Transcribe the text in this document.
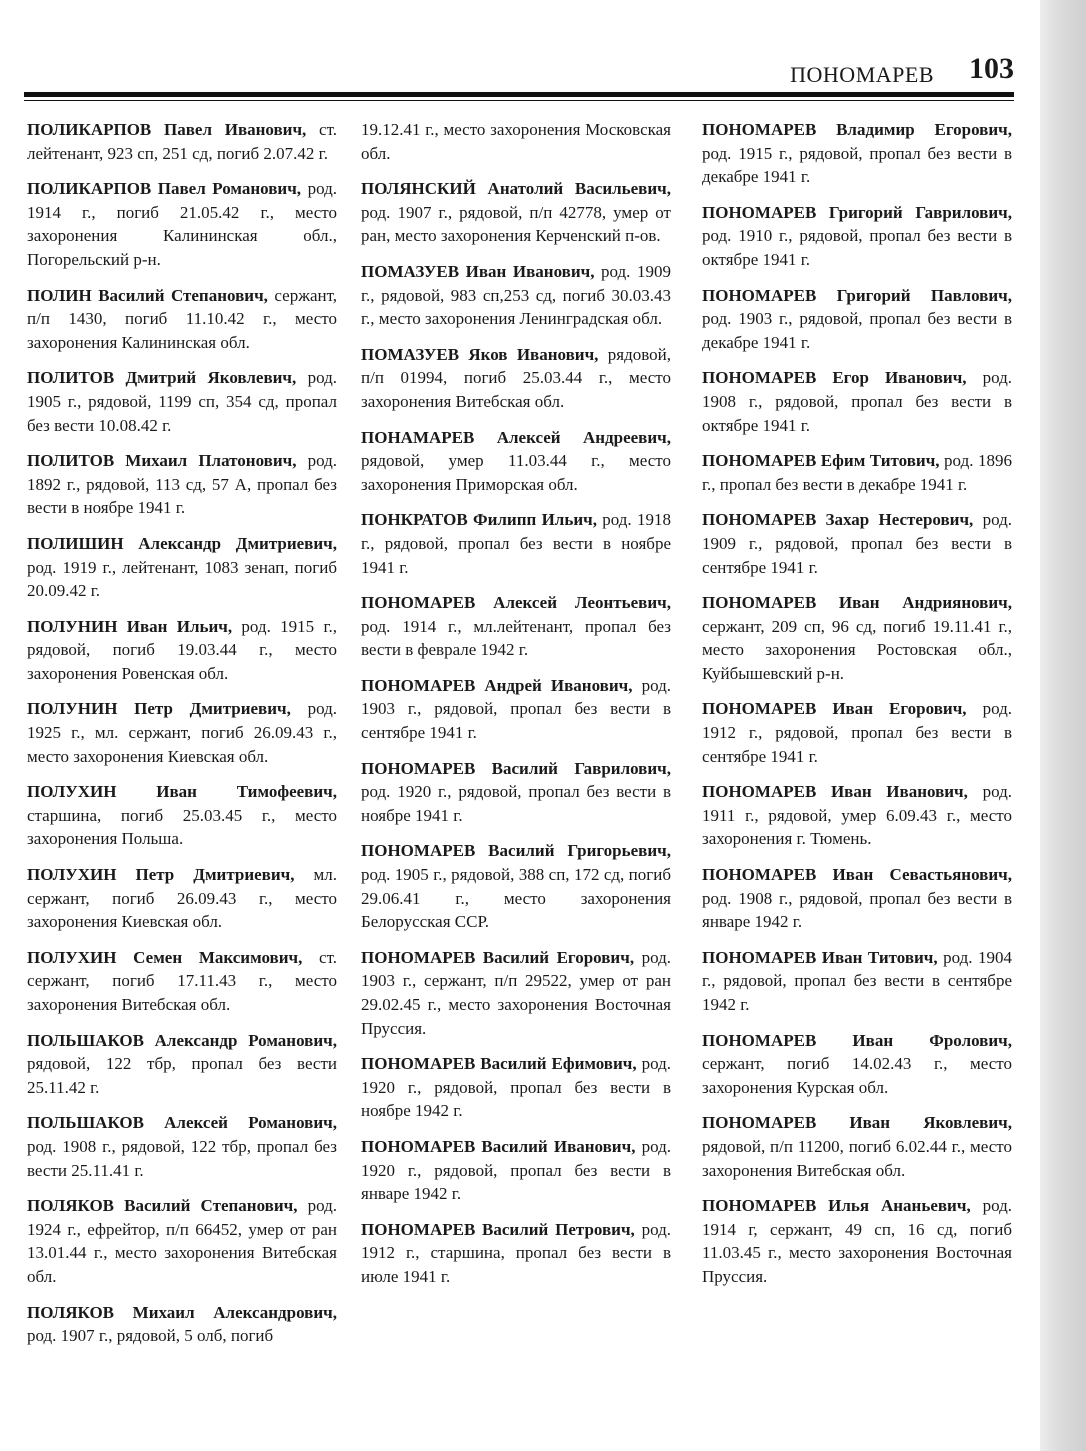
ПОНОМАРЕВ 103

ПОЛИКАРПОВ Павел Иванович, ст. лейтенант, 923 сп, 251 сд, погиб 2.07.42 г.

ПОЛИКАРПОВ Павел Романович, род. 1914 г., погиб 21.05.42 г., место захоронения Калининская обл., Погорельский р-н.

ПОЛИН Василий Степанович, сержант, п/п 1430, погиб 11.10.42 г., место захоронения Калининская обл.

ПОЛИТОВ Дмитрий Яковлевич, род. 1905 г., рядовой, 1199 сп, 354 сд, пропал без вести 10.08.42 г.

ПОЛИТОВ Михаил Платонович, род. 1892 г., рядовой, 113 сд, 57 А, пропал без вести в ноябре 1941 г.

ПОЛИШИН Александр Дмитриевич, род. 1919 г., лейтенант, 1083 зенап, погиб 20.09.42 г.

ПОЛУНИН Иван Ильич, род. 1915 г., рядовой, погиб 19.03.44 г., место захоронения Ровенская обл.

ПОЛУНИН Петр Дмитриевич, род. 1925 г., мл. сержант, погиб 26.09.43 г., место захоронения Киевская обл.

ПОЛУХИН Иван Тимофеевич, старшина, погиб 25.03.45 г., место захоронения Польша.

ПОЛУХИН Петр Дмитриевич, мл. сержант, погиб 26.09.43 г., место захоронения Киевская обл.

ПОЛУХИН Семен Максимович, ст. сержант, погиб 17.11.43 г., место захоронения Витебская обл.

ПОЛЬШАКОВ Александр Романович, рядовой, 122 тбр, пропал без вести 25.11.42 г.

ПОЛЬШАКОВ Алексей Романович, род. 1908 г., рядовой, 122 тбр, пропал без вести 25.11.41 г.

ПОЛЯКОВ Василий Степанович, род. 1924 г., ефрейтор, п/п 66452, умер от ран 13.01.44 г., место захоронения Витебская обл.

ПОЛЯКОВ Михаил Александрович, род. 1907 г., рядовой, 5 олб, погиб

19.12.41 г., место захоронения Московская обл.

ПОЛЯНСКИЙ Анатолий Васильевич, род. 1907 г., рядовой, п/п 42778, умер от ран, место захоронения Керченский п-ов.

ПОМАЗУЕВ Иван Иванович, род. 1909 г., рядовой, 983 сп,253 сд, погиб 30.03.43 г., место захоронения Ленинградская обл.

ПОМАЗУЕВ Яков Иванович, рядовой, п/п 01994, погиб 25.03.44 г., место захоронения Витебская обл.

ПОНАМАРЕВ Алексей Андреевич, рядовой, умер 11.03.44 г., место захоронения Приморская обл.

ПОНКРАТОВ Филипп Ильич, род. 1918 г., рядовой, пропал без вести в ноябре 1941 г.

ПОНОМАРЕВ Алексей Леонтьевич, род. 1914 г., мл.лейтенант, пропал без вести в феврале 1942 г.

ПОНОМАРЕВ Андрей Иванович, род. 1903 г., рядовой, пропал без вести в сентябре 1941 г.

ПОНОМАРЕВ Василий Гаврилович, род. 1920 г., рядовой, пропал без вести в ноябре 1941 г.

ПОНОМАРЕВ Василий Григорьевич, род. 1905 г., рядовой, 388 сп, 172 сд, погиб 29.06.41 г., место захоронения Белорусская ССР.

ПОНОМАРЕВ Василий Егорович, род. 1903 г., сержант, п/п 29522, умер от ран 29.02.45 г., место захоронения Восточная Пруссия.

ПОНОМАРЕВ Василий Ефимович, род. 1920 г., рядовой, пропал без вести в ноябре 1942 г.

ПОНОМАРЕВ Василий Иванович, род. 1920 г., рядовой, пропал без вести в январе 1942 г.

ПОНОМАРЕВ Василий Петрович, род. 1912 г., старшина, пропал без вести в июле 1941 г.

ПОНОМАРЕВ Владимир Егорович, род. 1915 г., рядовой, пропал без вести в декабре 1941 г.

ПОНОМАРЕВ Григорий Гаврилович, род. 1910 г., рядовой, пропал без вести в октябре 1941 г.

ПОНОМАРЕВ Григорий Павлович, род. 1903 г., рядовой, пропал без вести в декабре 1941 г.

ПОНОМАРЕВ Егор Иванович, род. 1908 г., рядовой, пропал без вести в октябре 1941 г.

ПОНОМАРЕВ Ефим Титович, род. 1896 г., пропал без вести в декабре 1941 г.

ПОНОМАРЕВ Захар Нестерович, род. 1909 г., рядовой, пропал без вести в сентябре 1941 г.

ПОНОМАРЕВ Иван Андриянович, сержант, 209 сп, 96 сд, погиб 19.11.41 г., место захоронения Ростовская обл., Куйбышевский р-н.

ПОНОМАРЕВ Иван Егорович, род. 1912 г., рядовой, пропал без вести в сентябре 1941 г.

ПОНОМАРЕВ Иван Иванович, род. 1911 г., рядовой, умер 6.09.43 г., место захоронения г. Тюмень.

ПОНОМАРЕВ Иван Севастьянович, род. 1908 г., рядовой, пропал без вести в январе 1942 г.

ПОНОМАРЕВ Иван Титович, род. 1904 г., рядовой, пропал без вести в сентябре 1942 г.

ПОНОМАРЕВ Иван Фролович, сержант, погиб 14.02.43 г., место захоронения Курская обл.

ПОНОМАРЕВ Иван Яковлевич, рядовой, п/п 11200, погиб 6.02.44 г., место захоронения Витебская обл.

ПОНОМАРЕВ Илья Ананьевич, род. 1914 г, сержант, 49 сп, 16 сд, погиб 11.03.45 г., место захоронения Восточная Пруссия.
